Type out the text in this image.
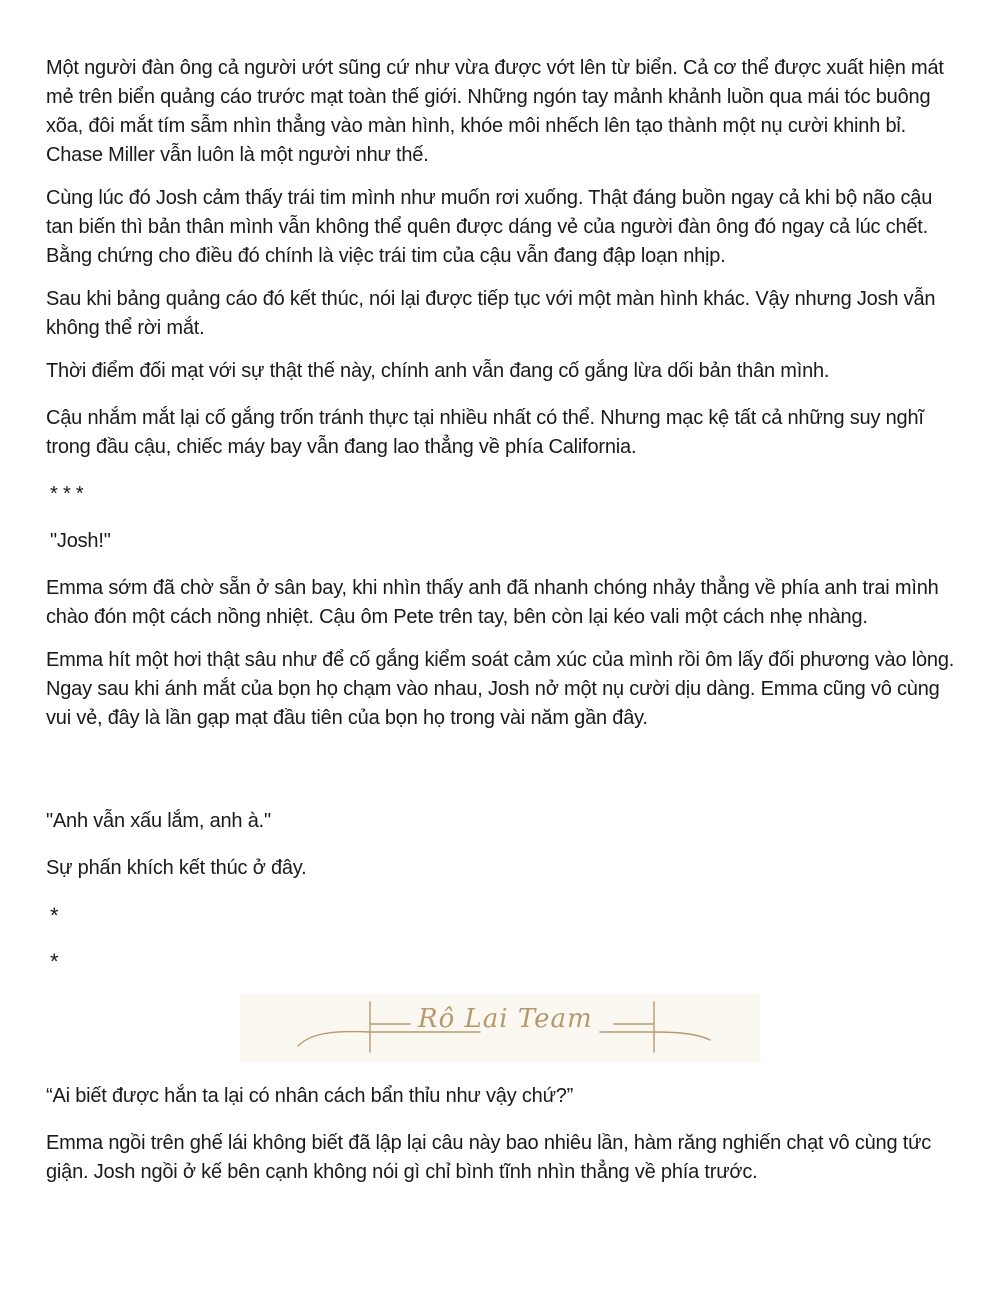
Một người đàn ông cả người ướt sũng cứ như vừa được vớt lên từ biển. Cả cơ thể được xuất hiện mát mẻ trên biển quảng cáo trước mạt toàn thế giới. Những ngón tay mảnh khảnh luồn qua mái tóc buông xõa, đôi mắt tím sẫm nhìn thẳng vào màn hình, khóe môi nhếch lên tạo thành một nụ cười khinh bỉ. Chase Miller vẫn luôn là một người như thế.

Cùng lúc đó Josh cảm thấy trái tim mình như muốn rơi xuống. Thật đáng buồn ngay cả khi bộ não cậu tan biến thì bản thân mình vẫn không thể quên được dáng vẻ của người đàn ông đó ngay cả lúc chết. Bằng chứng cho điều đó chính là việc trái tim của cậu vẫn đang đập loạn nhịp.

Sau khi bảng quảng cáo đó kết thúc, nói lại được tiếp tục với một màn hình khác. Vậy nhưng Josh vẫn không thể rời mắt.

Thời điểm đối mạt với sự thật thế này, chính anh vẫn đang cố gắng lừa dối bản thân mình.

Cậu nhắm mắt lại cố gắng trốn tránh thực tại nhiều nhất có thể. Nhưng mạc kệ tất cả những suy nghĩ trong đầu cậu, chiếc máy bay vẫn đang lao thẳng về phía California.

* * *

"Josh!"

Emma sớm đã chờ sẵn ở sân bay, khi nhìn thấy anh đã nhanh chóng nhảy thẳng về phía anh trai mình chào đón một cách nồng nhiệt. Cậu ôm Pete trên tay, bên còn lại kéo vali một cách nhẹ nhàng.

Emma hít một hơi thật sâu như để cố gắng kiểm soát cảm xúc của mình rồi ôm lấy đối phương vào lòng. Ngay sau khi ánh mắt của bọn họ chạm vào nhau, Josh nở một nụ cười dịu dàng. Emma cũng vô cùng vui vẻ, đây là lần gạp mạt đầu tiên của bọn họ trong vài năm gần đây.

"Anh vẫn xấu lắm, anh à."

Sự phấn khích kết thúc ở đây.

*

*

Rô Lai Team

“Ai biết được hắn ta lại có nhân cách bẩn thỉu như vậy chứ?”

Emma ngồi trên ghế lái không biết đã lập lại câu này bao nhiêu lần, hàm răng nghiến chạt vô cùng tức giận. Josh ngồi ở kế bên cạnh không nói gì chỉ bình tĩnh nhìn thẳng về phía trước.
